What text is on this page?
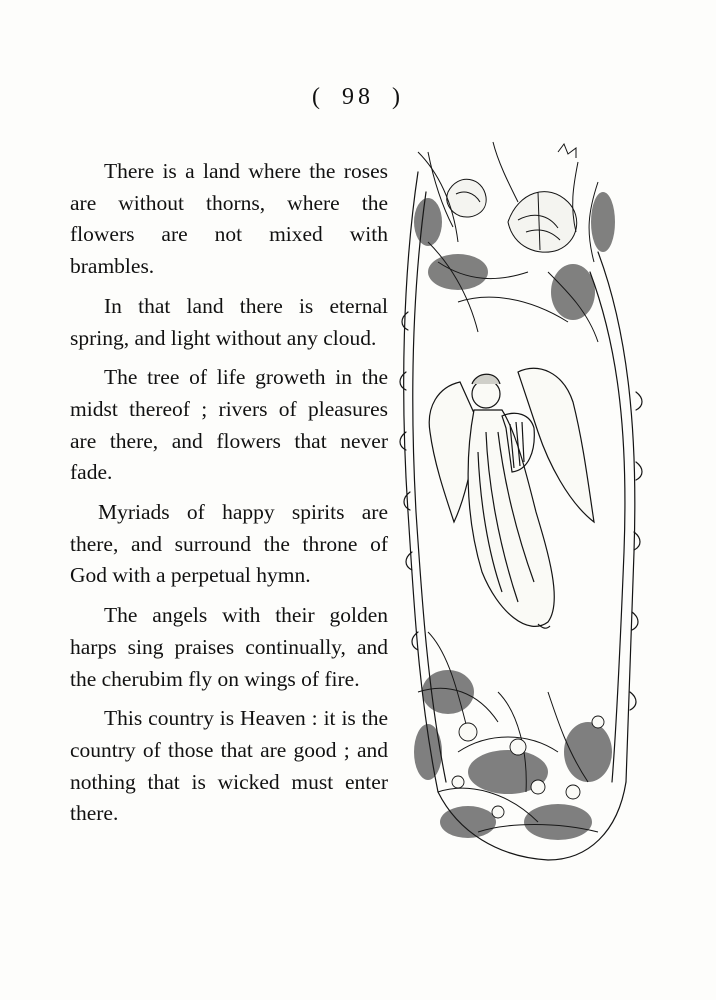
( 98 )

There is a land where the roses are without thorns, where the flowers are not mixed with brambles.

In that land there is eternal spring, and light without any cloud.

The tree of life groweth in the midst thereof ; rivers of pleasures are there, and flowers that never fade.

Myriads of happy spirits are there, and surround the throne of God with a perpetual hymn.

The angels with their golden harps sing praises continually, and the cherubim fly on wings of fire.

This country is Heaven : it is the country of those that are good ; and nothing that is wicked must enter there.
